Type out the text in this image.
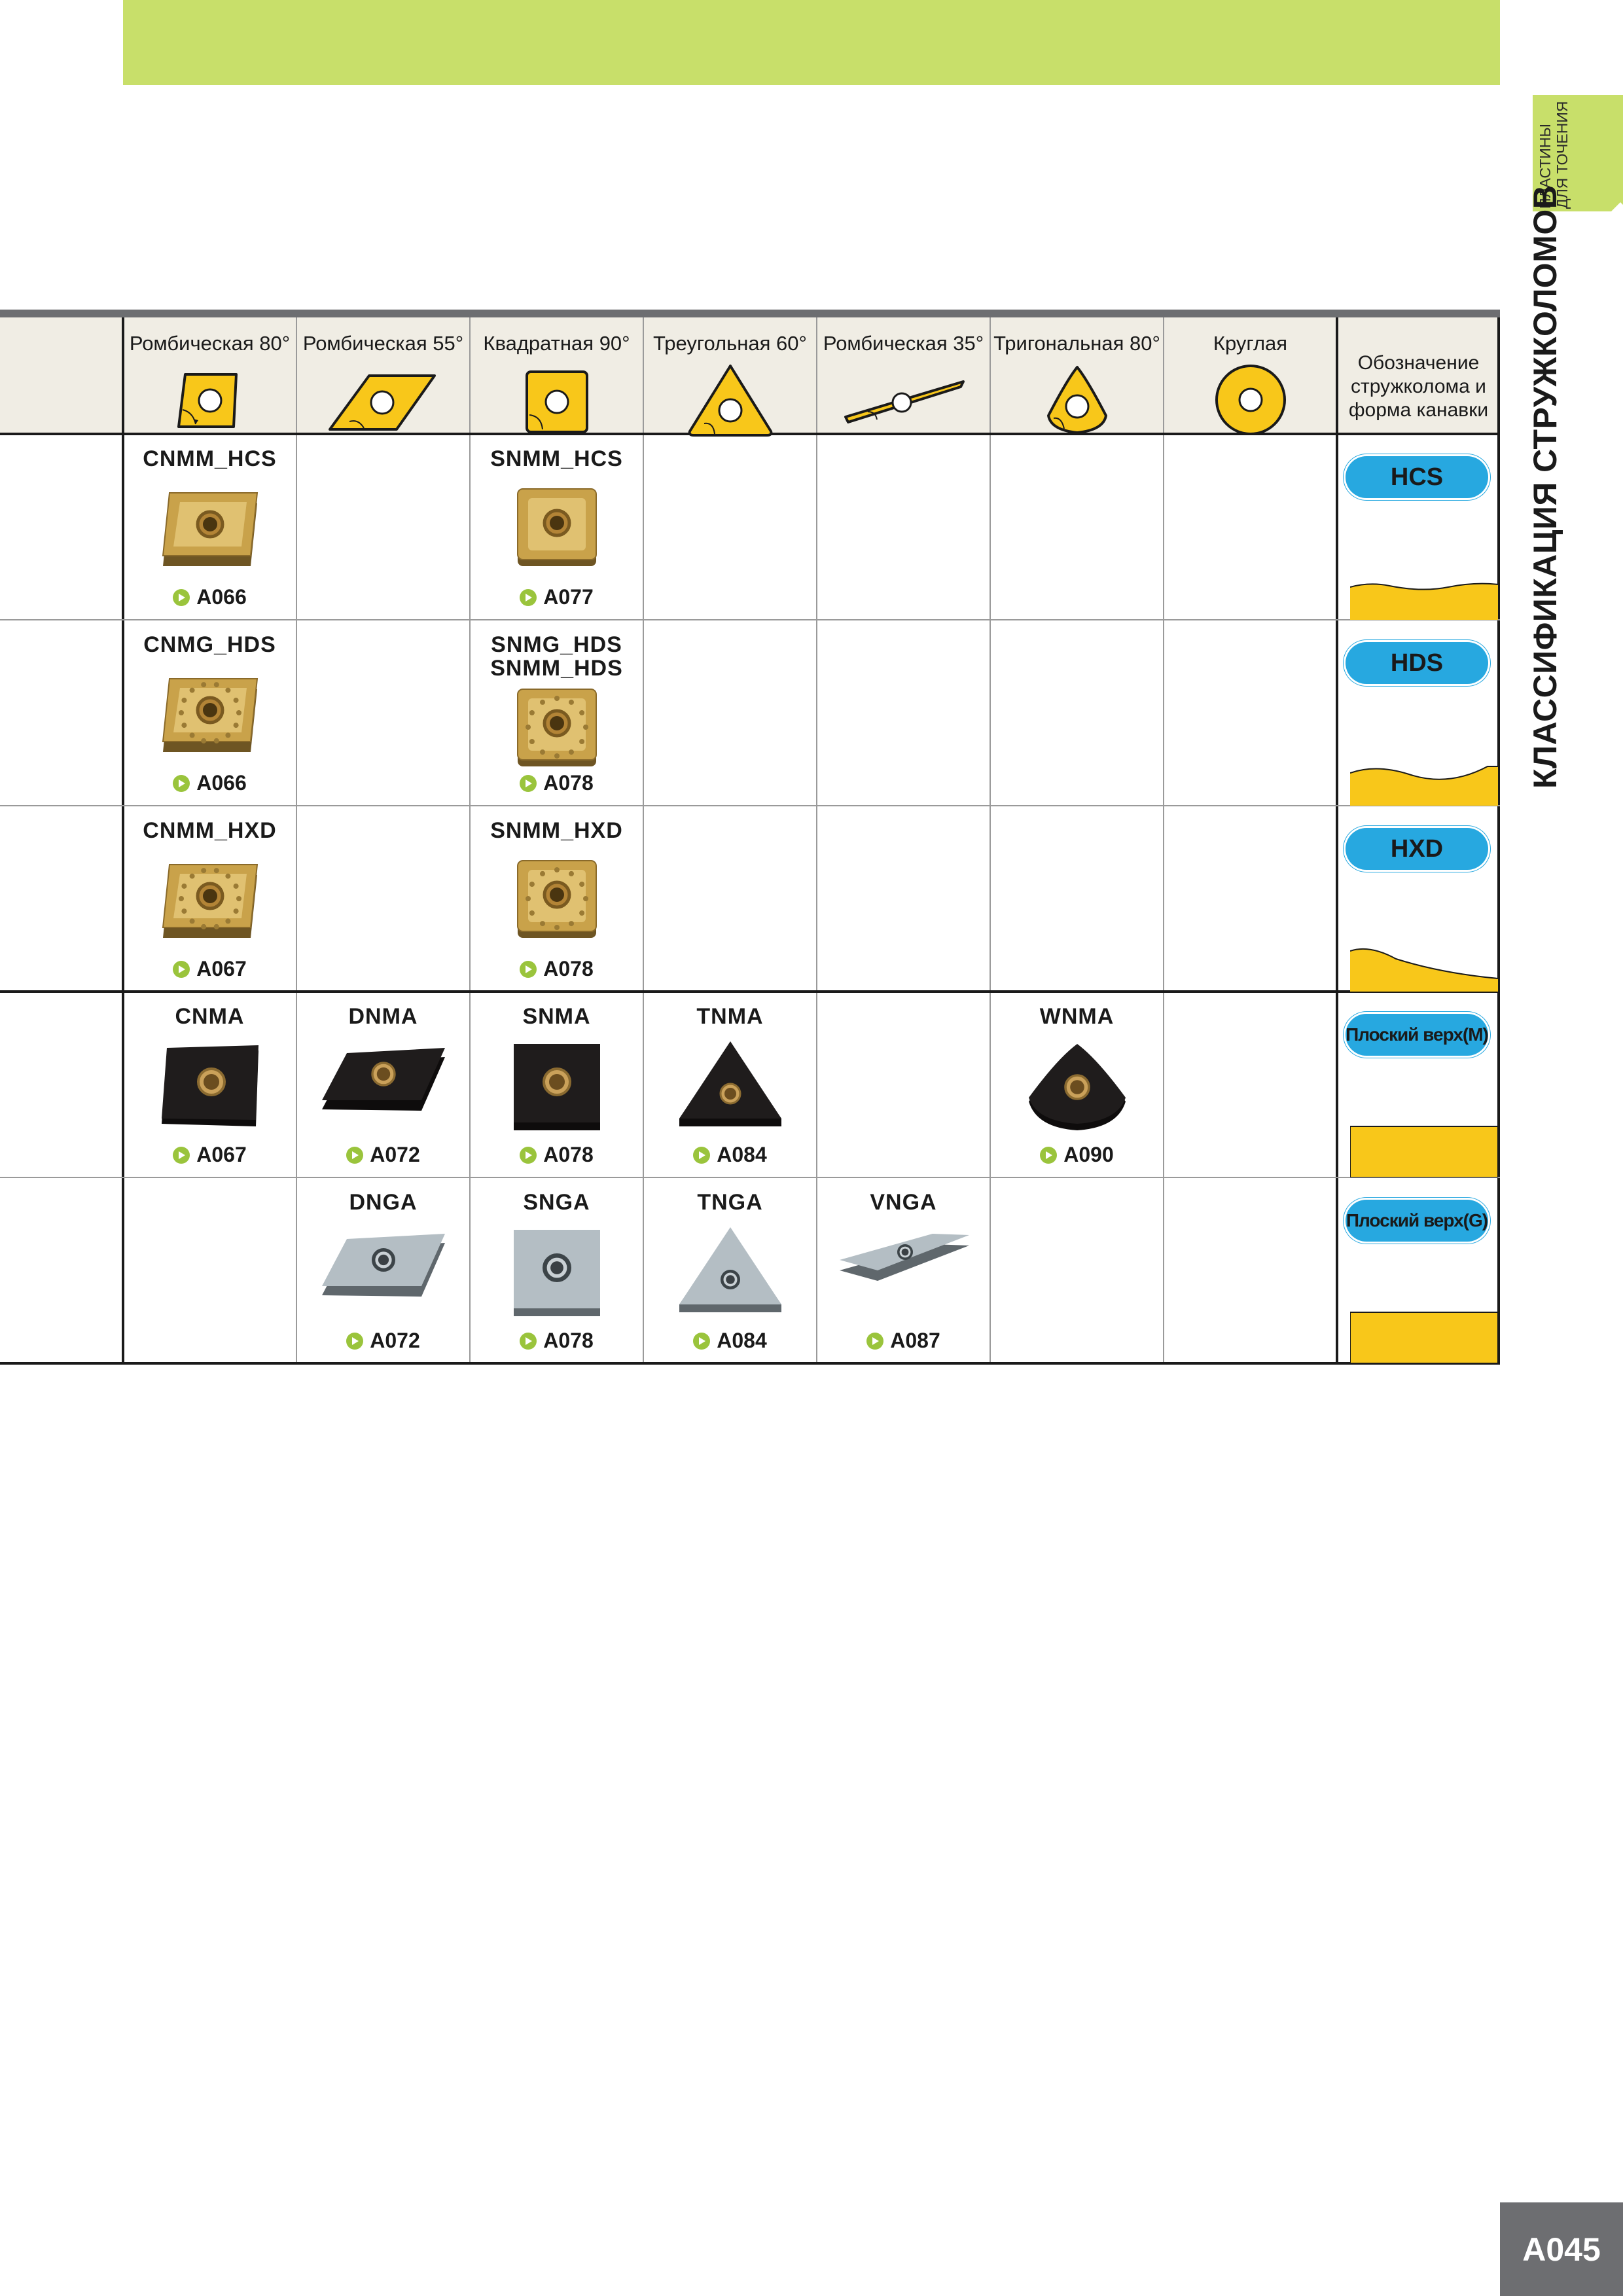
ПЛАСТИНЫ ДЛЯ ТОЧЕНИЯ
КЛАССИФИКАЦИЯ СТРУЖКОЛОМОВ
Ромбическая 80° Ромбическая 55° Квадратная 90°	Треугольная 60° Ромбическая 35° Тригональная 80°	Круглая
Обозначение стружколома и форма канавки
CNMM_HCS
A066
SNMM_HCS
A077
HCS
CNMG_HDS
A066
SNMG_HDS
SNMM_HDS
A078
HDS
CNMM_HXD
A067
SNMM_HXD
A078
HXD
CNMA
A067
DNMA
A072
SNMA
A078
TNMA
A084
WNMA
A090
Плоский верх(M)
DNGA
A072
SNGA
A078
TNGA
A084
VNGA
A087
Плоский верх(G)
A045
